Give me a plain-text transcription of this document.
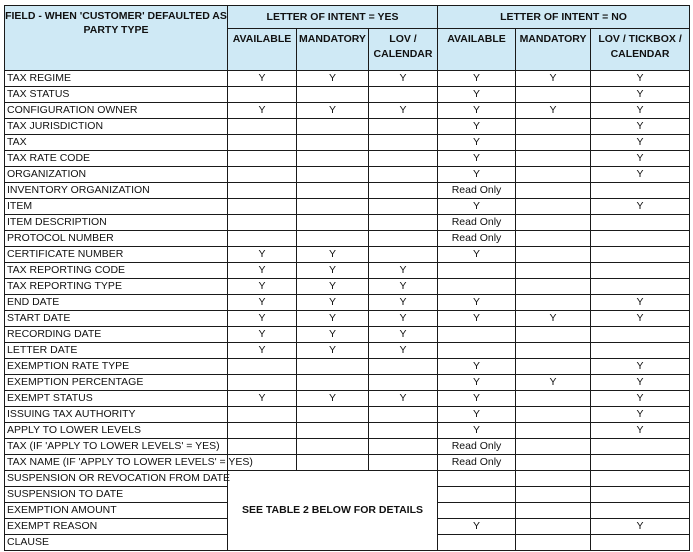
FIELD - WHEN 'CUSTOMER' DEFAULTED AS PARTY TYPE	LETTER OF INTENT = YES			LETTER OF INTENT = NO		
	AVAILABLE	MANDATORY	LOV / CALENDAR	AVAILABLE	MANDATORY	LOV / TICKBOX / CALENDAR
TAX REGIME	Y	Y	Y	Y	Y	Y
TAX STATUS				Y		Y
CONFIGURATION OWNER	Y	Y	Y	Y	Y	Y
TAX JURISDICTION				Y		Y
TAX				Y		Y
TAX RATE CODE				Y		Y
ORGANIZATION				Y		Y
INVENTORY ORGANIZATION				Read Only		
ITEM				Y		Y
ITEM DESCRIPTION				Read Only		
PROTOCOL NUMBER				Read Only		
CERTIFICATE NUMBER	Y	Y		Y		
TAX REPORTING CODE	Y	Y	Y			
TAX REPORTING TYPE	Y	Y	Y			
END DATE	Y	Y	Y	Y		Y
START DATE	Y	Y	Y	Y	Y	Y
RECORDING DATE	Y	Y	Y			
LETTER DATE	Y	Y	Y			
EXEMPTION RATE TYPE				Y		Y
EXEMPTION PERCENTAGE				Y	Y	Y
EXEMPT STATUS	Y	Y	Y	Y		Y
ISSUING TAX AUTHORITY				Y		Y
APPLY TO LOWER LEVELS				Y		Y
TAX (IF 'APPLY TO LOWER LEVELS' = YES)				Read Only		
TAX NAME (IF 'APPLY TO LOWER LEVELS' = YES)				Read Only		
SUSPENSION OR REVOCATION FROM DATE	SEE TABLE 2 BELOW FOR DETAILS					
SUSPENSION TO DATE						
EXEMPTION AMOUNT						
EXEMPT REASON				Y		Y
CLAUSE						
